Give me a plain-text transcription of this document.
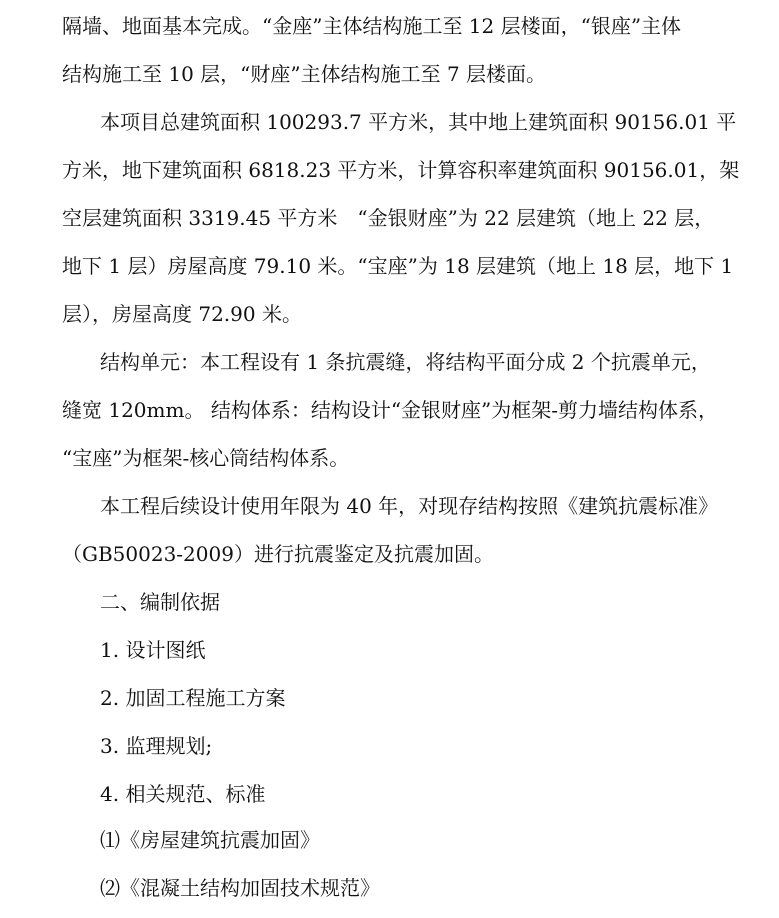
隔墙、地面基本完成。“金座”主体结构施工至 12 层楼面，“银座”主体
结构施工至 10 层，“财座”主体结构施工至 7 层楼面。
本项目总建筑面积 100293.7 平方米，其中地上建筑面积 90156.01 平
方米，地下建筑面积 6818.23 平方米，计算容积率建筑面积 90156.01，架
空层建筑面积 3319.45 平方米　“金银财座”为 22 层建筑（地上 22 层，
地下 1 层）房屋高度 79.10 米。“宝座”为 18 层建筑（地上 18 层，地下 1
层），房屋高度 72.90 米。
结构单元：本工程设有 1 条抗震缝，将结构平面分成 2 个抗震单元，
缝宽 120mm。 结构体系：结构设计“金银财座”为框架-剪力墙结构体系，
“宝座”为框架-核心筒结构体系。
本工程后续设计使用年限为 40 年，对现存结构按照《建筑抗震标准》
（GB50023-2009）进行抗震鉴定及抗震加固。
二、编制依据
1. 设计图纸
2. 加固工程施工方案
3. 监理规划;
4. 相关规范、标准
⑴《房屋建筑抗震加固》
⑵《混凝土结构加固技术规范》
